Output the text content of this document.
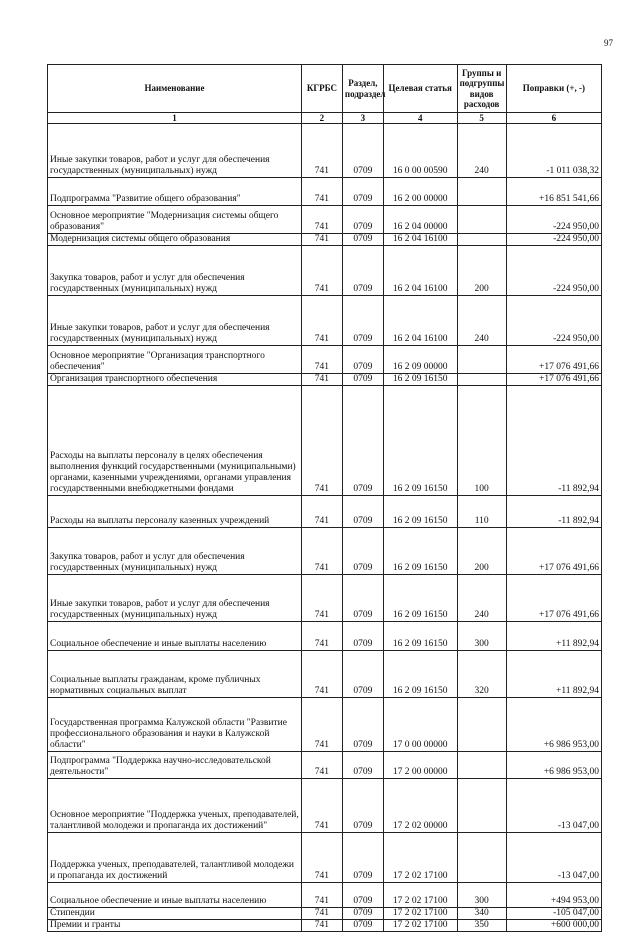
97
Наименование	КГРБС	Раздел, подраздел	Целевая статья	Группы и подгруппы видов расходов	Поправки (+, -)
1	2	3	4	5	6
Иные закупки товаров, работ и услуг для обеспечения государственных (муниципальных) нужд	741	0709	16 0 00 00590	240	-1 011 038,32
Подпрограмма "Развитие общего образования"	741	0709	16 2 00 00000		+16 851 541,66
Основное мероприятие "Модернизация системы общего образования"	741	0709	16 2 04 00000		-224 950,00
Модернизация системы общего образования	741	0709	16 2 04 16100		-224 950,00
Закупка товаров, работ и услуг для обеспечения государственных (муниципальных) нужд	741	0709	16 2 04 16100	200	-224 950,00
Иные закупки товаров, работ и услуг для обеспечения государственных (муниципальных) нужд	741	0709	16 2 04 16100	240	-224 950,00
Основное мероприятие "Организация транспортного обеспечения"	741	0709	16 2 09 00000		+17 076 491,66
Организация транспортного обеспечения	741	0709	16 2 09 16150		+17 076 491,66
Расходы на выплаты персоналу в целях обеспечения выполнения функций государственными (муниципальными) органами, казенными учреждениями, органами управления государственными внебюджетными фондами	741	0709	16 2 09 16150	100	-11 892,94
Расходы на выплаты персоналу казенных учреждений	741	0709	16 2 09 16150	110	-11 892,94
Закупка товаров, работ и услуг для обеспечения государственных (муниципальных) нужд	741	0709	16 2 09 16150	200	+17 076 491,66
Иные закупки товаров, работ и услуг для обеспечения государственных (муниципальных) нужд	741	0709	16 2 09 16150	240	+17 076 491,66
Социальное обеспечение и иные выплаты населению	741	0709	16 2 09 16150	300	+11 892,94
Социальные выплаты гражданам, кроме публичных нормативных социальных выплат	741	0709	16 2 09 16150	320	+11 892,94
Государственная программа Калужской области "Развитие профессионального образования и науки в Калужской области"	741	0709	17 0 00 00000		+6 986 953,00
Подпрограмма "Поддержка научно-исследовательской деятельности"	741	0709	17 2 00 00000		+6 986 953,00
Основное мероприятие "Поддержка ученых, преподавателей, талантливой молодежи и пропаганда их достижений"	741	0709	17 2 02 00000		-13 047,00
Поддержка ученых, преподавателей, талантливой молодежи и пропаганда их достижений	741	0709	17 2 02 17100		-13 047,00
Социальное обеспечение и иные выплаты населению	741	0709	17 2 02 17100	300	+494 953,00
Стипендии	741	0709	17 2 02 17100	340	-105 047,00
Премии и гранты	741	0709	17 2 02 17100	350	+600 000,00
